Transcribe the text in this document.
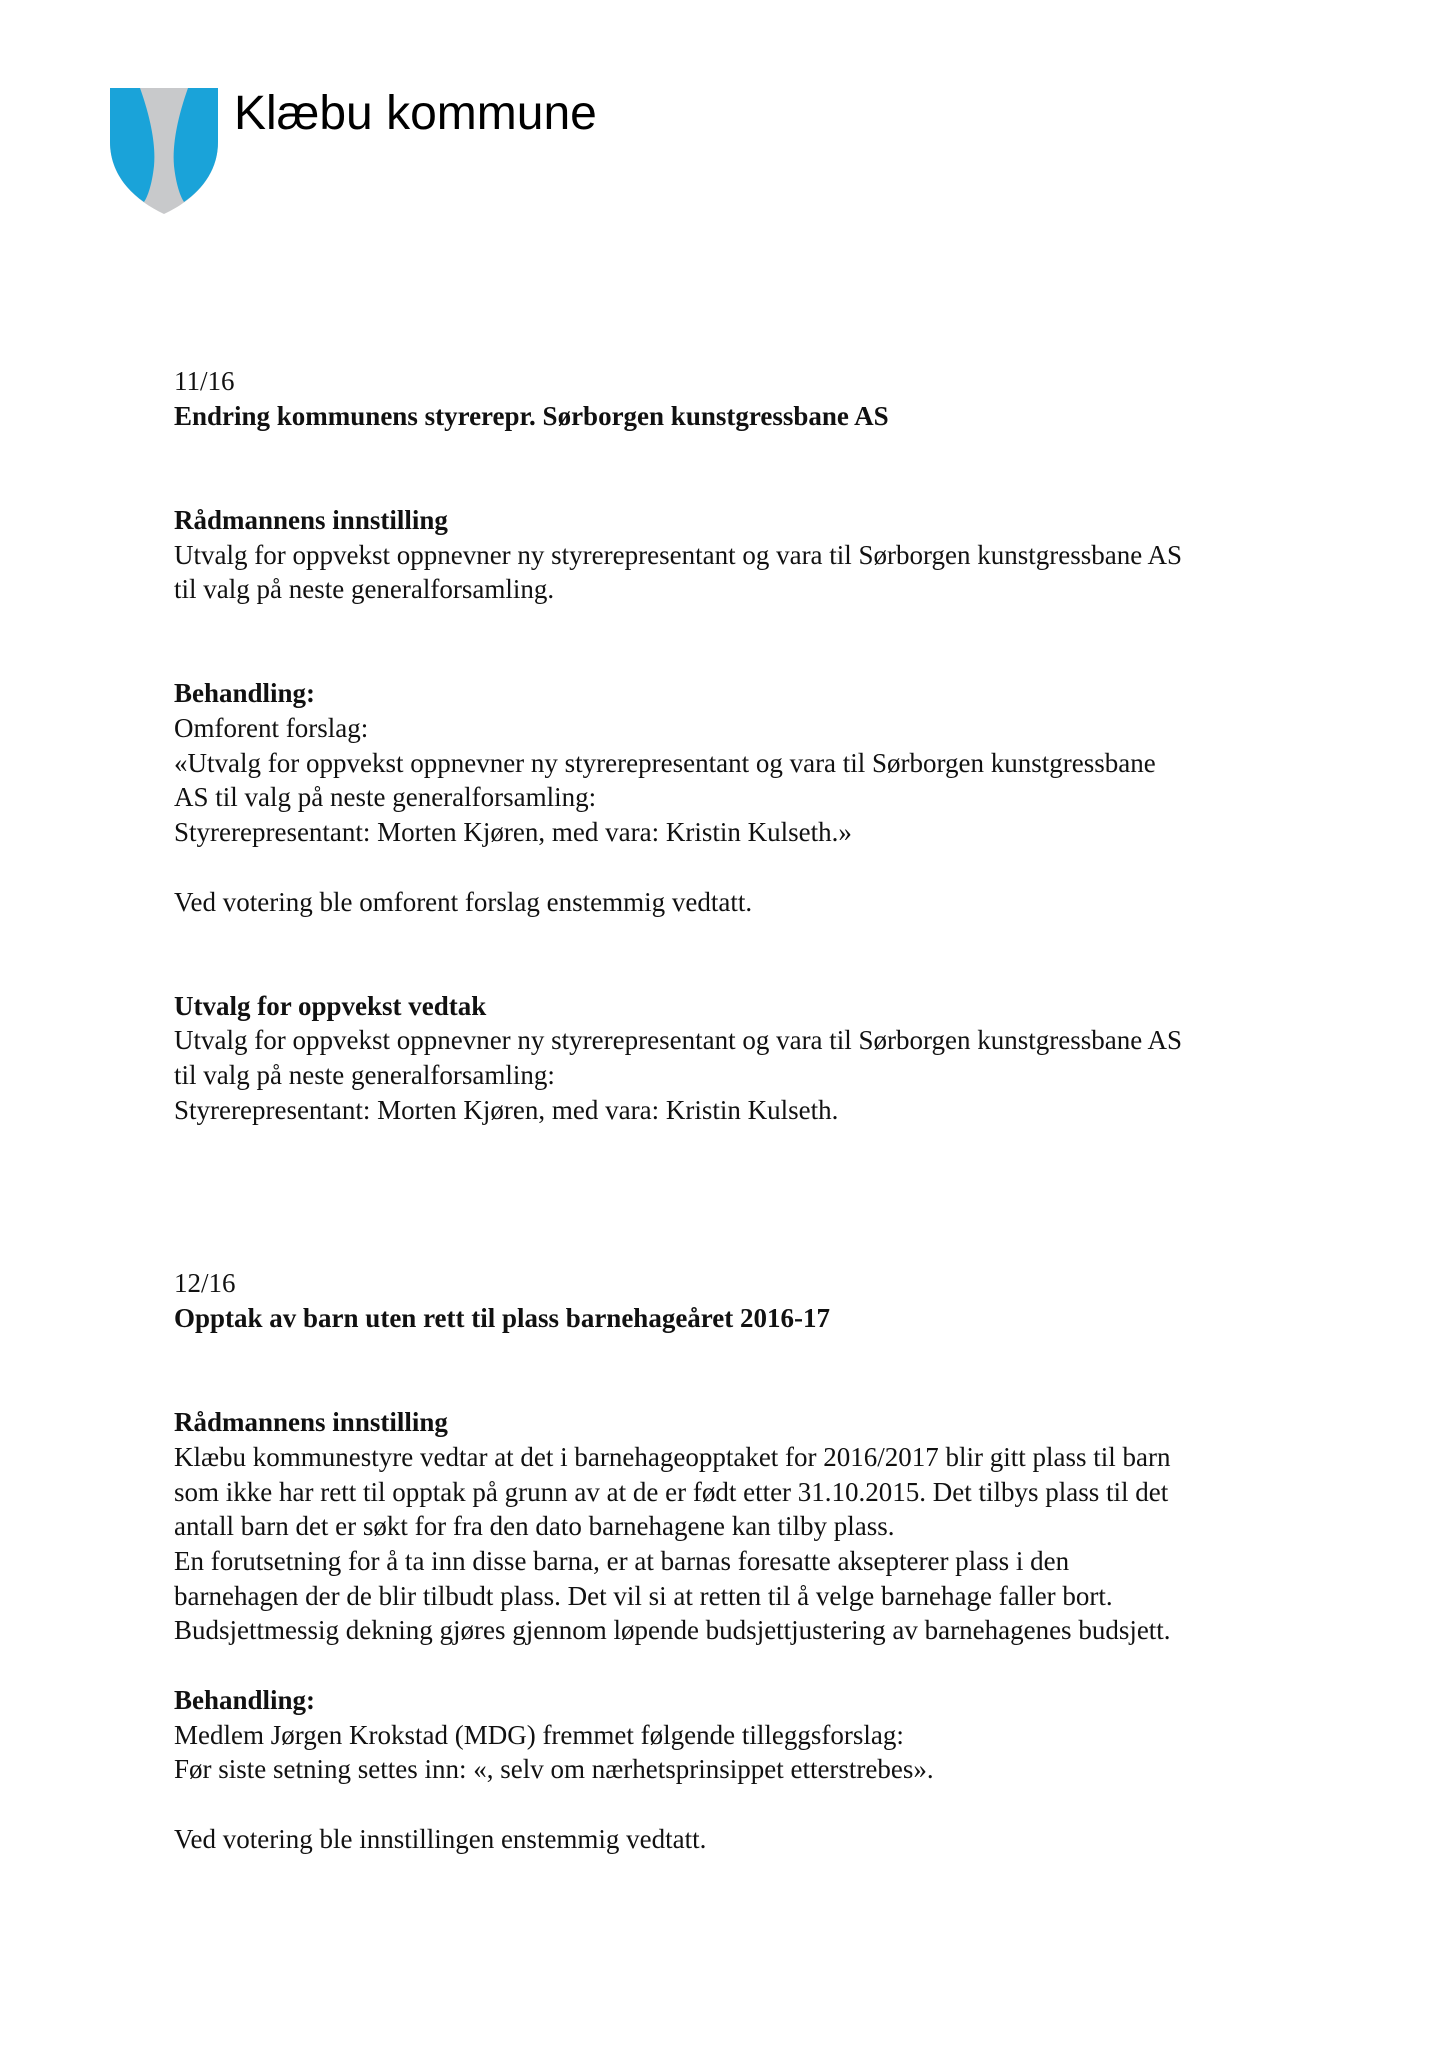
Klæbu kommune

11/16

Endring kommunens styrerepr. Sørborgen kunstgressbane AS

Rådmannens innstilling

Utvalg for oppvekst oppnevner ny styrerepresentant og vara til Sørborgen kunstgressbane AS

til valg på neste generalforsamling.

Behandling:

Omforent forslag:

«Utvalg for oppvekst oppnevner ny styrerepresentant og vara til Sørborgen kunstgressbane

AS til valg på neste generalforsamling:

Styrerepresentant: Morten Kjøren, med vara: Kristin Kulseth.»

Ved votering ble omforent forslag enstemmig vedtatt.

Utvalg for oppvekst vedtak

Utvalg for oppvekst oppnevner ny styrerepresentant og vara til Sørborgen kunstgressbane AS

til valg på neste generalforsamling:

Styrerepresentant: Morten Kjøren, med vara: Kristin Kulseth.

12/16

Opptak av barn uten rett til plass barnehageåret 2016-17

Rådmannens innstilling

Klæbu kommunestyre vedtar at det i barnehageopptaket for 2016/2017 blir gitt plass til barn

som ikke har rett til opptak på grunn av at de er født etter 31.10.2015. Det tilbys plass til det

antall barn det er søkt for fra den dato barnehagene kan tilby plass.

En forutsetning for å ta inn disse barna, er at barnas foresatte aksepterer plass i den

barnehagen der de blir tilbudt plass. Det vil si at retten til å velge barnehage faller bort.

Budsjettmessig dekning gjøres gjennom løpende budsjettjustering av barnehagenes budsjett.

Behandling:

Medlem Jørgen Krokstad (MDG) fremmet følgende tilleggsforslag:

Før siste setning settes inn: «, selv om nærhetsprinsippet etterstrebes».

Ved votering ble innstillingen enstemmig vedtatt.
